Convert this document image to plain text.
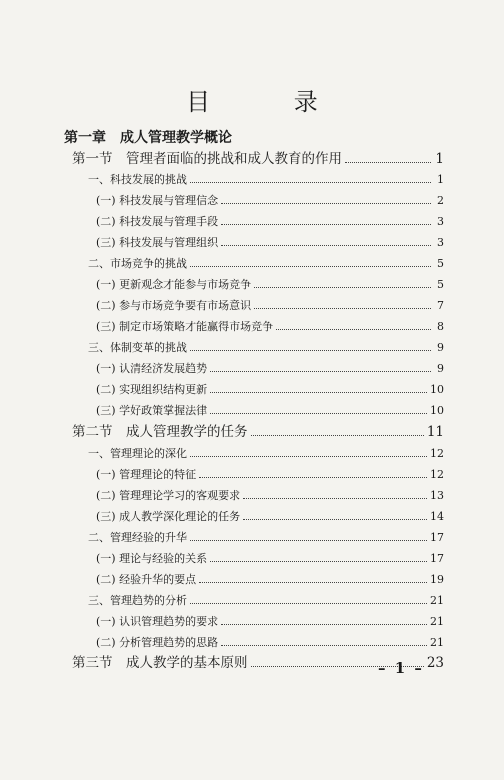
目 录
第一章　成人管理教学概论
第一节　管理者面临的挑战和成人教育的作用	1
一、科技发展的挑战	1
(一) 科技发展与管理信念	2
(二) 科技发展与管理手段	3
(三) 科技发展与管理组织	3
二、市场竞争的挑战	5
(一) 更新观念才能参与市场竞争	5
(二) 参与市场竞争要有市场意识	7
(三) 制定市场策略才能赢得市场竞争	8
三、体制变革的挑战	9
(一) 认清经济发展趋势	9
(二) 实现组织结构更新	10
(三) 学好政策掌握法律	10
第二节　成人管理教学的任务	11
一、管理理论的深化	12
(一) 管理理论的特征	12
(二) 管理理论学习的客观要求	13
(三) 成人教学深化理论的任务	14
二、管理经验的升华	17
(一) 理论与经验的关系	17
(二) 经验升华的要点	19
三、管理趋势的分析	21
(一) 认识管理趋势的要求	21
(二) 分析管理趋势的思路	21
第三节　成人教学的基本原则	23
– 1 –
